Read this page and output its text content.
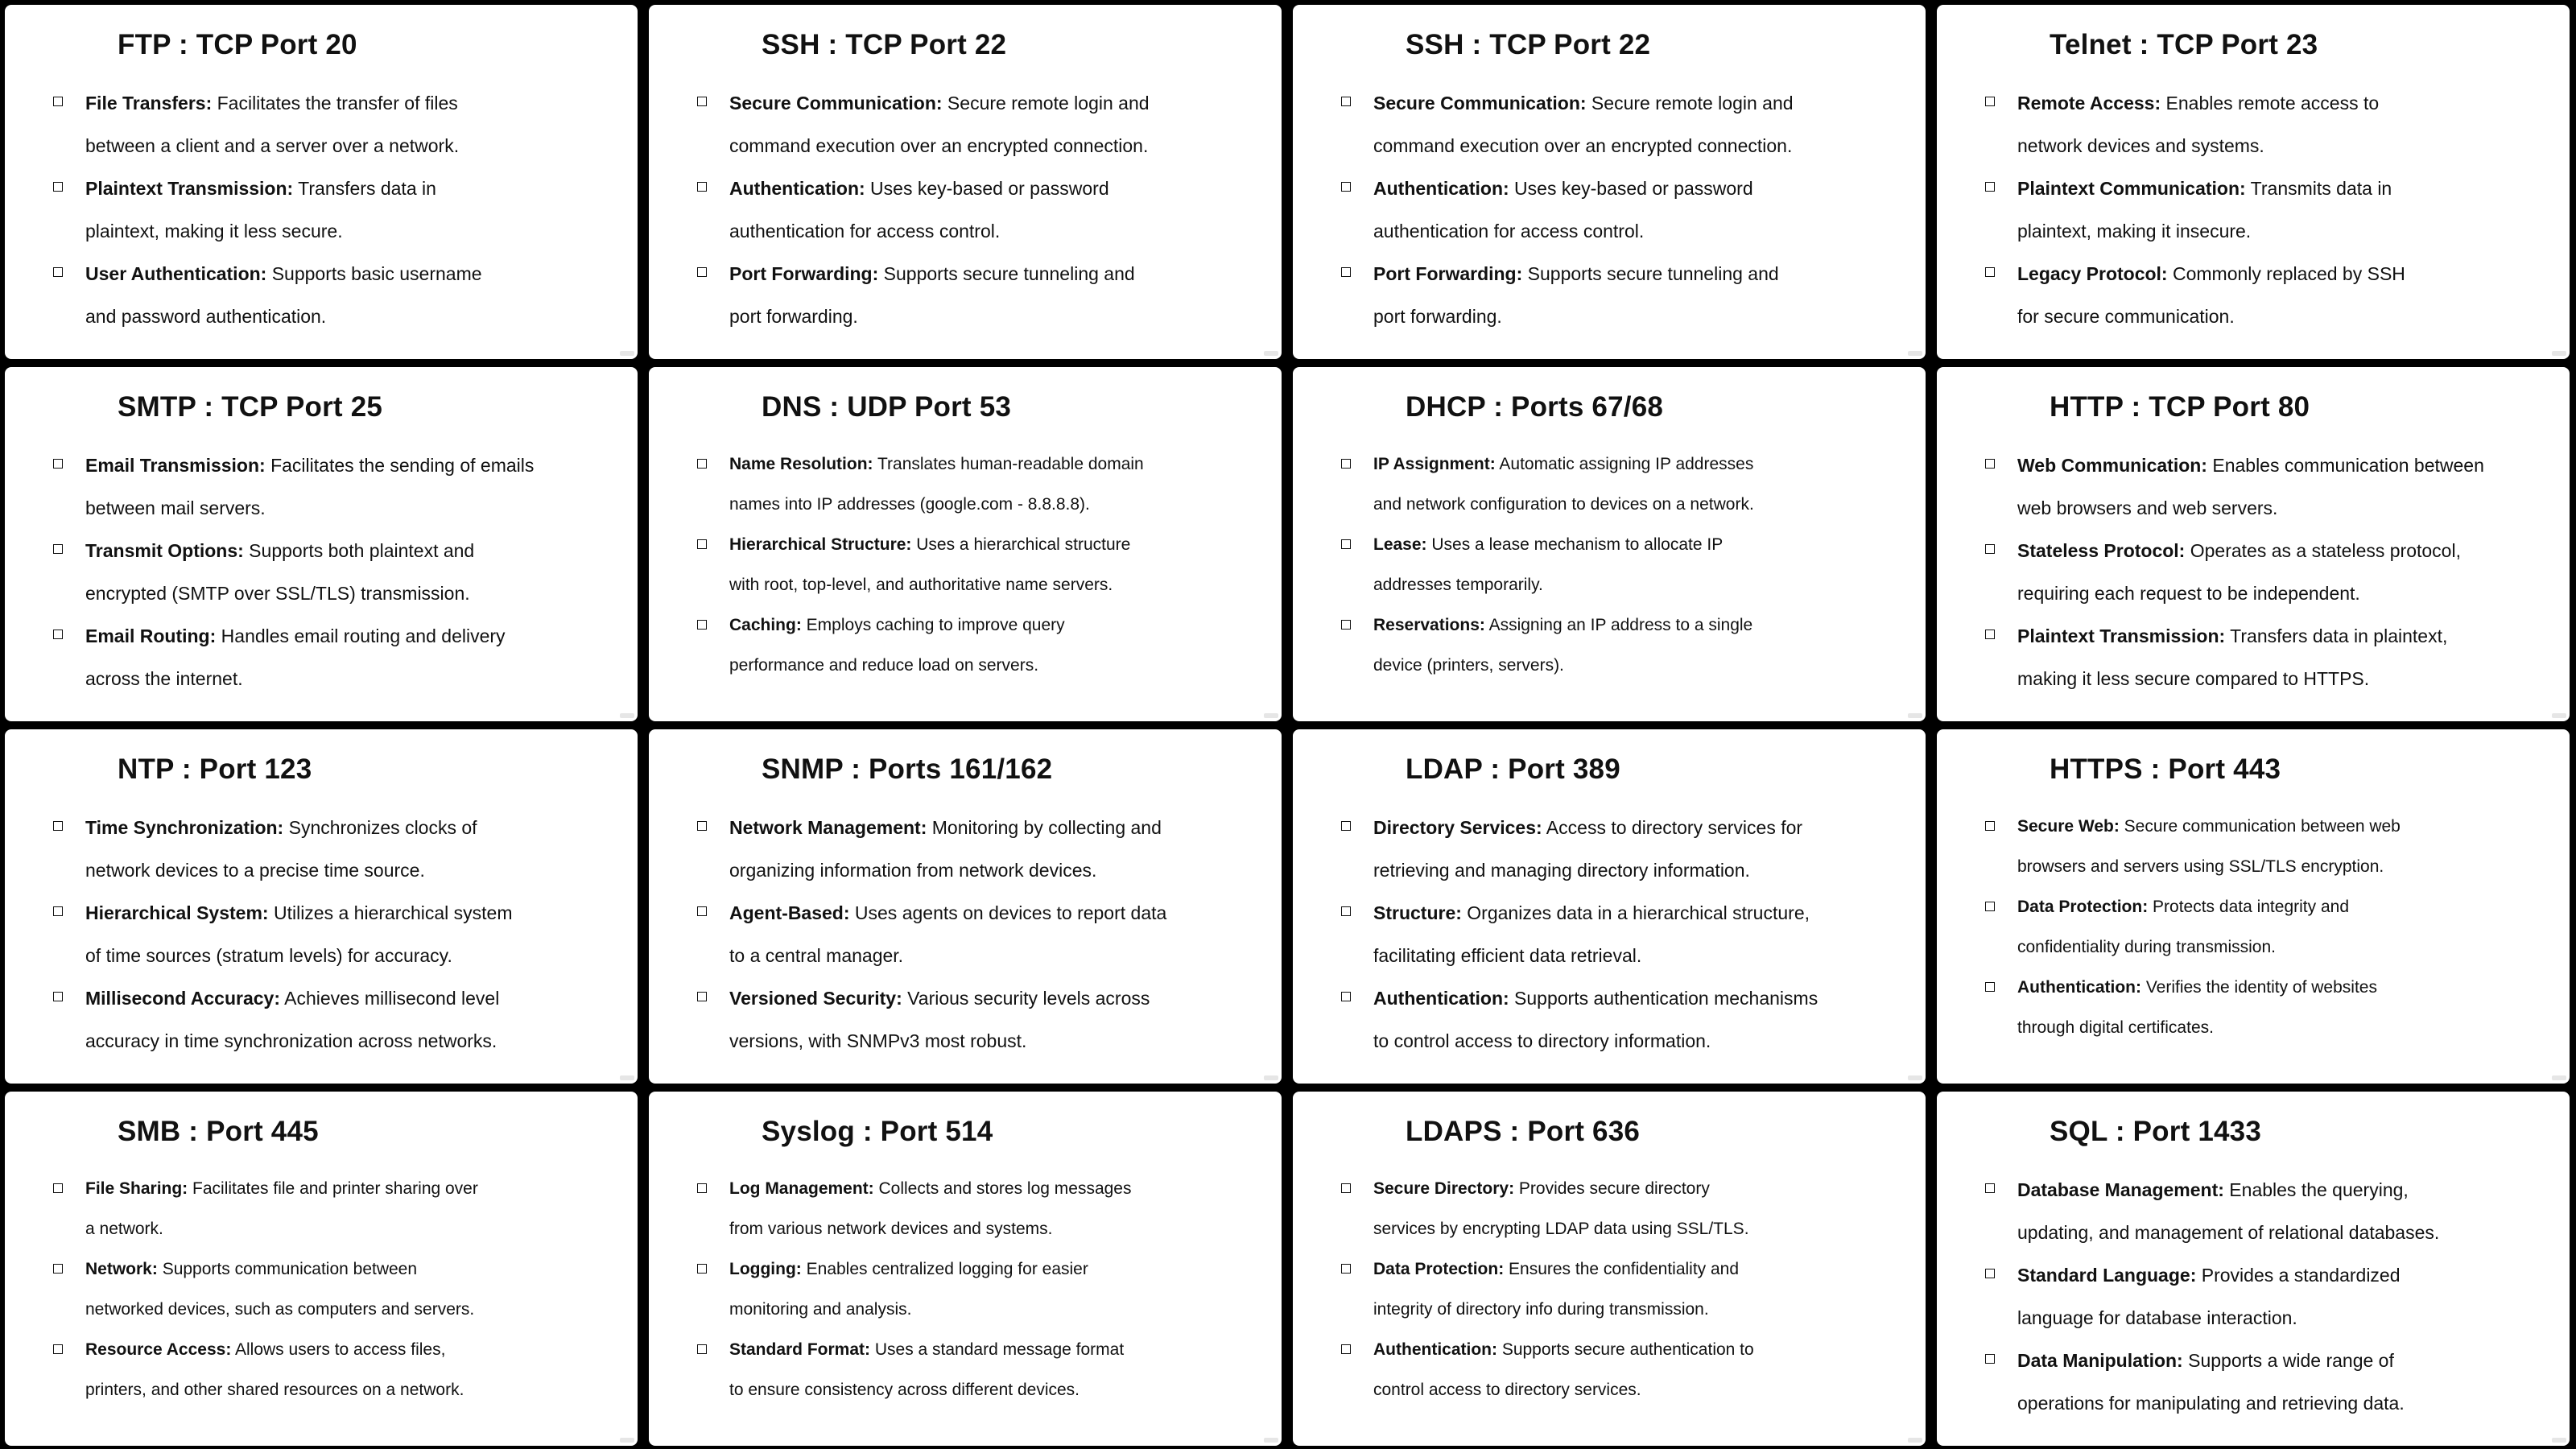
FTP : TCP Port 20
File Transfers: Facilitates the transfer of files
between a client and a server over a network.
Plaintext Transmission: Transfers data in
plaintext, making it less secure.
User Authentication: Supports basic username
and password authentication.
SSH : TCP Port 22
Secure Communication: Secure remote login and
command execution over an encrypted connection.
Authentication: Uses key-based or password
authentication for access control.
Port Forwarding: Supports secure tunneling and
port forwarding.
SSH : TCP Port 22
Secure Communication: Secure remote login and
command execution over an encrypted connection.
Authentication: Uses key-based or password
authentication for access control.
Port Forwarding: Supports secure tunneling and
port forwarding.
Telnet : TCP Port 23
Remote Access: Enables remote access to
network devices and systems.
Plaintext Communication: Transmits data in
plaintext, making it insecure.
Legacy Protocol: Commonly replaced by SSH
for secure communication.
SMTP : TCP Port 25
Email Transmission: Facilitates the sending of emails
between mail servers.
Transmit Options: Supports both plaintext and
encrypted (SMTP over SSL/TLS) transmission.
Email Routing: Handles email routing and delivery
across the internet.
DNS : UDP Port 53
Name Resolution: Translates human-readable domain
names into IP addresses (google.com - 8.8.8.8).
Hierarchical Structure: Uses a hierarchical structure
with root, top-level, and authoritative name servers.
Caching: Employs caching to improve query
performance and reduce load on servers.
DHCP : Ports 67/68
IP Assignment: Automatic assigning IP addresses
and network configuration to devices on a network.
Lease: Uses a lease mechanism to allocate IP
addresses temporarily.
Reservations: Assigning an IP address to a single
device (printers, servers).
HTTP : TCP Port 80
Web Communication: Enables communication between
web browsers and web servers.
Stateless Protocol: Operates as a stateless protocol,
requiring each request to be independent.
Plaintext Transmission: Transfers data in plaintext,
making it less secure compared to HTTPS.
NTP : Port 123
Time Synchronization: Synchronizes clocks of
network devices to a precise time source.
Hierarchical System: Utilizes a hierarchical system
of time sources (stratum levels) for accuracy.
Millisecond Accuracy: Achieves millisecond level
accuracy in time synchronization across networks.
SNMP : Ports 161/162
Network Management: Monitoring by collecting and
organizing information from network devices.
Agent-Based: Uses agents on devices to report data
to a central manager.
Versioned Security: Various security levels across
versions, with SNMPv3 most robust.
LDAP : Port 389
Directory Services: Access to directory services for
retrieving and managing directory information.
Structure: Organizes data in a hierarchical structure,
facilitating efficient data retrieval.
Authentication: Supports authentication mechanisms
to control access to directory information.
HTTPS : Port 443
Secure Web: Secure communication between web
browsers and servers using SSL/TLS encryption.
Data Protection: Protects data integrity and
confidentiality during transmission.
Authentication: Verifies the identity of websites
through digital certificates.
SMB : Port 445
File Sharing: Facilitates file and printer sharing over
a network.
Network: Supports communication between
networked devices, such as computers and servers.
Resource Access: Allows users to access files,
printers, and other shared resources on a network.
Syslog : Port 514
Log Management: Collects and stores log messages
from various network devices and systems.
Logging: Enables centralized logging for easier
monitoring and analysis.
Standard Format: Uses a standard message format
to ensure consistency across different devices.
LDAPS : Port 636
Secure Directory: Provides secure directory
services by encrypting LDAP data using SSL/TLS.
Data Protection: Ensures the confidentiality and
integrity of directory info during transmission.
Authentication: Supports secure authentication to
control access to directory services.
SQL : Port 1433
Database Management: Enables the querying,
updating, and management of relational databases.
Standard Language: Provides a standardized
language for database interaction.
Data Manipulation: Supports a wide range of
operations for manipulating and retrieving data.
